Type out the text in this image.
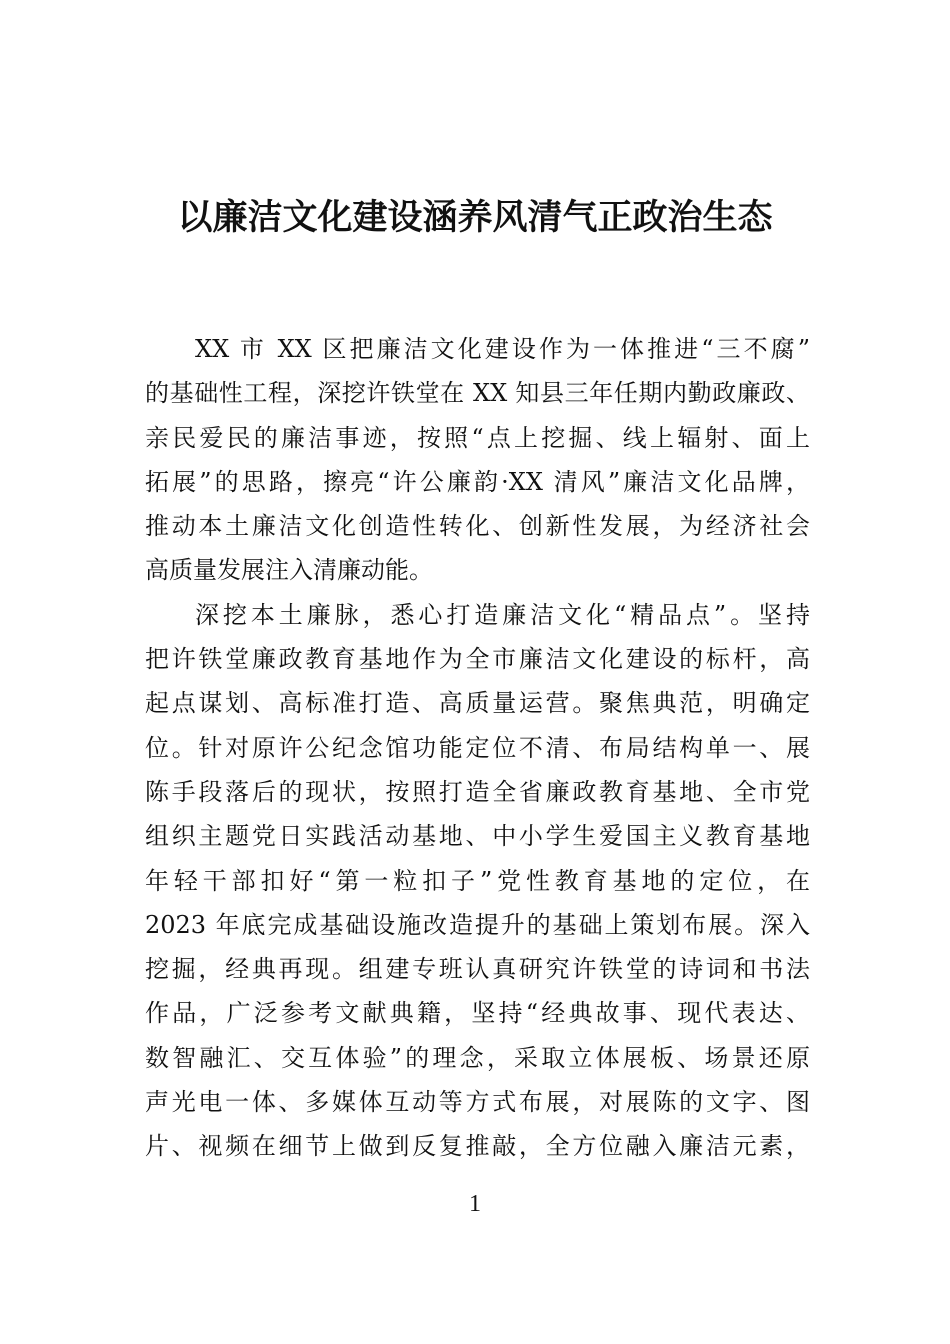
以廉洁文化建设涵养风清气正政治生态
XX 市 XX 区把廉洁文化建设作为一体推进“三不腐”
的基础性工程，深挖许铁堂在 XX 知县三年任期内勤政廉政、
亲民爱民的廉洁事迹，按照“点上挖掘、线上辐射、面上
拓展”的思路，擦亮“许公廉韵·XX 清风”廉洁文化品牌，
推动本土廉洁文化创造性转化、创新性发展，为经济社会
高质量发展注入清廉动能。
深挖本土廉脉，悉心打造廉洁文化“精品点”。坚持
把许铁堂廉政教育基地作为全市廉洁文化建设的标杆，高
起点谋划、高标准打造、高质量运营。聚焦典范，明确定
位。针对原许公纪念馆功能定位不清、布局结构单一、展
陈手段落后的现状，按照打造全省廉政教育基地、全市党
组织主题党日实践活动基地、中小学生爱国主义教育基地
年轻干部扣好“第一粒扣子”党性教育基地的定位，在
2023 年底完成基础设施改造提升的基础上策划布展。深入
挖掘，经典再现。组建专班认真研究许铁堂的诗词和书法
作品，广泛参考文献典籍，坚持“经典故事、现代表达、
数智融汇、交互体验”的理念，采取立体展板、场景还原
声光电一体、多媒体互动等方式布展，对展陈的文字、图
片、视频在细节上做到反复推敲，全方位融入廉洁元素，
1
